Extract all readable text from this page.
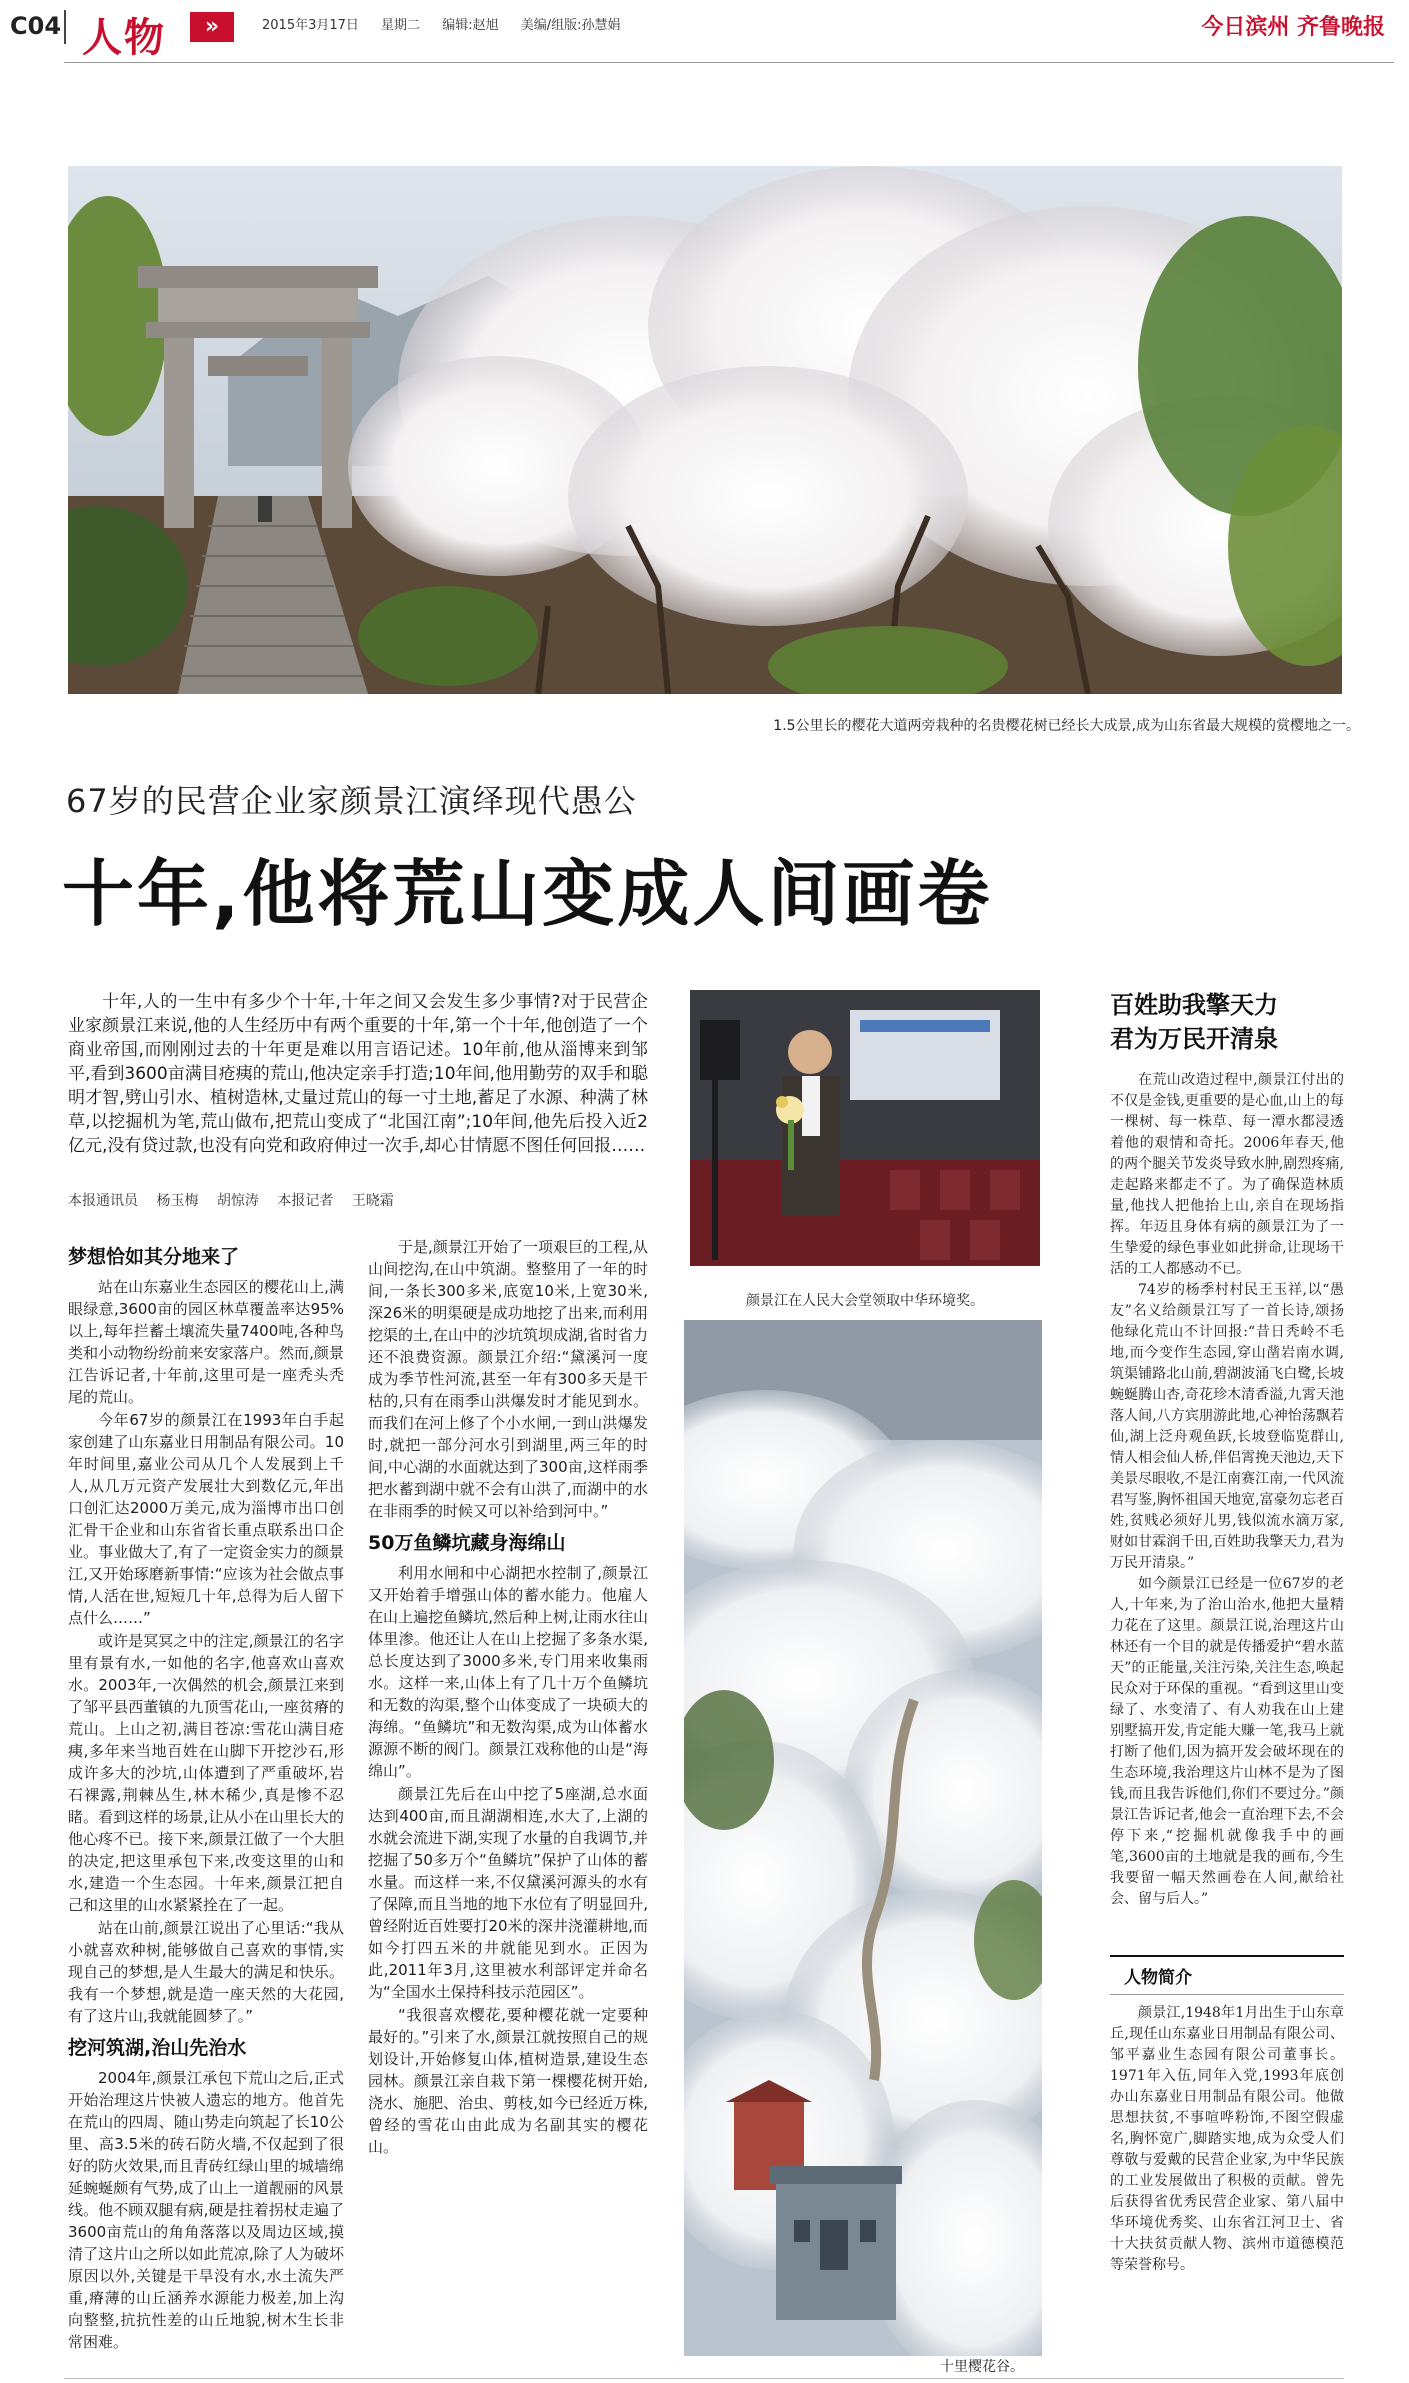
C04 人物	»	2015年3月17日 星期二 编辑:赵旭 美编/组版:孙慧娟	今日滨州 齐鲁晚报
1.5公里长的樱花大道两旁栽种的名贵樱花树已经长大成景,成为山东省最大规模的赏樱地之一。
67岁的民营企业家颜景江演绎现代愚公
十年,他将荒山变成人间画卷

十年,人的一生中有多少个十年,十年之间又会发生多少事情?对于民营企业家颜景江来说,他的人生经历中有两个重要的十年,第一个十年,他创造了一个商业帝国,而刚刚过去的十年更是难以用言语记述。10年前,他从淄博来到邹平,看到3600亩满目疮痍的荒山,他决定亲手打造;10年间,他用勤劳的双手和聪明才智,劈山引水、植树造林,丈量过荒山的每一寸土地,蓄足了水源、种满了林草,以挖掘机为笔,荒山做布,把荒山变成了“北国江南”;10年间,他先后投入近2亿元,没有贷过款,也没有向党和政府伸过一次手,却心甘情愿不图任何回报……

本报通讯员 杨玉梅 胡惊涛 本报记者 王晓霜
梦想恰如其分地来了

站在山东嘉业生态园区的樱花山上,满眼绿意,3600亩的园区林草覆盖率达95%以上,每年拦蓄土壤流失量7400吨,各种鸟类和小动物纷纷前来安家落户。然而,颜景江告诉记者,十年前,这里可是一座秃头秃尾的荒山。

今年67岁的颜景江在1993年白手起家创建了山东嘉业日用制品有限公司。10年时间里,嘉业公司从几个人发展到上千人,从几万元资产发展壮大到数亿元,年出口创汇达2000万美元,成为淄博市出口创汇骨干企业和山东省省长重点联系出口企业。事业做大了,有了一定资金实力的颜景江,又开始琢磨新事情:“应该为社会做点事情,人活在世,短短几十年,总得为后人留下点什么……”

或许是冥冥之中的注定,颜景江的名字里有景有水,一如他的名字,他喜欢山喜欢水。2003年,一次偶然的机会,颜景江来到了邹平县西董镇的九顶雪花山,一座贫瘠的荒山。上山之初,满目苍凉:雪花山满目疮痍,多年来当地百姓在山脚下开挖沙石,形成许多大的沙坑,山体遭到了严重破坏,岩石裸露,荆棘丛生,林木稀少,真是惨不忍睹。看到这样的场景,让从小在山里长大的他心疼不已。接下来,颜景江做了一个大胆的决定,把这里承包下来,改变这里的山和水,建造一个生态园。十年来,颜景江把自己和这里的山水紧紧拴在了一起。

站在山前,颜景江说出了心里话:“我从小就喜欢种树,能够做自己喜欢的事情,实现自己的梦想,是人生最大的满足和快乐。我有一个梦想,就是造一座天然的大花园,有了这片山,我就能圆梦了。”

挖河筑湖,治山先治水

2004年,颜景江承包下荒山之后,正式开始治理这片快被人遗忘的地方。他首先在荒山的四周、随山势走向筑起了长10公里、高3.5米的砖石防火墙,不仅起到了很好的防火效果,而且青砖红绿山里的城墙绵延蜿蜒颇有气势,成了山上一道靓丽的风景线。他不顾双腿有病,硬是拄着拐杖走遍了3600亩荒山的角角落落以及周边区域,摸清了这片山之所以如此荒凉,除了人为破坏原因以外,关键是干旱没有水,水土流失严重,瘠薄的山丘涵养水源能力极差,加上沟向整整,抗抗性差的山丘地貌,树木生长非常困难。

于是,颜景江开始了一项艰巨的工程,从山间挖沟,在山中筑湖。整整用了一年的时间,一条长300多米,底宽10米,上宽30米,深26米的明渠硬是成功地挖了出来,而利用挖渠的土,在山中的沙坑筑坝成湖,省时省力还不浪费资源。颜景江介绍:“黛溪河一度成为季节性河流,甚至一年有300多天是干枯的,只有在雨季山洪爆发时才能见到水。而我们在河上修了个小水闸,一到山洪爆发时,就把一部分河水引到湖里,两三年的时间,中心湖的水面就达到了300亩,这样雨季把水蓄到湖中就不会有山洪了,而湖中的水在非雨季的时候又可以补给到河中。”

50万鱼鳞坑藏身海绵山

利用水闸和中心湖把水控制了,颜景江又开始着手增强山体的蓄水能力。他雇人在山上遍挖鱼鳞坑,然后种上树,让雨水往山体里渗。他还让人在山上挖掘了多条水渠,总长度达到了3000多米,专门用来收集雨水。这样一来,山体上有了几十万个鱼鳞坑和无数的沟渠,整个山体变成了一块硕大的海绵。“鱼鳞坑”和无数沟渠,成为山体蓄水源源不断的阀门。颜景江戏称他的山是“海绵山”。

颜景江先后在山中挖了5座湖,总水面达到400亩,而且湖湖相连,水大了,上湖的水就会流进下湖,实现了水量的自我调节,并挖掘了50多万个“鱼鳞坑”保护了山体的蓄水量。而这样一来,不仅黛溪河源头的水有了保障,而且当地的地下水位有了明显回升,曾经附近百姓要打20米的深井浇灌耕地,而如今打四五米的井就能见到水。正因为此,2011年3月,这里被水利部评定并命名为“全国水土保持科技示范园区”。

“我很喜欢樱花,要种樱花就一定要种最好的。”引来了水,颜景江就按照自己的规划设计,开始修复山体,植树造景,建设生态园林。颜景江亲自栽下第一棵樱花树开始,浇水、施肥、治虫、剪枝,如今已经近万株,曾经的雪花山由此成为名副其实的樱花山。

颜景江在人民大会堂领取中华环境奖。
十里樱花谷。
百姓助我擎天力
君为万民开清泉

在荒山改造过程中,颜景江付出的不仅是金钱,更重要的是心血,山上的每一棵树、每一株草、每一潭水都浸透着他的艰情和奇托。2006年春天,他的两个腿关节发炎导致水肿,剧烈疼痛,走起路来都走不了。为了确保造林质量,他找人把他抬上山,亲自在现场指挥。年迈且身体有病的颜景江为了一生挚爱的绿色事业如此拼命,让现场干活的工人都感动不已。

74岁的杨季村村民王玉祥,以“愚友”名义给颜景江写了一首长诗,颂扬他绿化荒山不计回报:“昔日秃岭不毛地,而今变作生态园,穿山凿岩南水调,筑渠铺路北山前,碧湖波涌飞白鹭,长坡蜿蜒腾山杏,奇花珍木清香溢,九霄天池落人间,八方宾朋游此地,心神怡荡飘若仙,湖上泛舟观鱼跃,长坡登临览群山,情人相会仙人桥,伴侣霄挽天池边,天下美景尽眼收,不是江南赛江南,一代风流君写鉴,胸怀祖国天地宽,富豪勿忘老百姓,贫贱必须好儿男,钱似流水滴万家,财如甘霖润千田,百姓助我擎天力,君为万民开清泉。”

如今颜景江已经是一位67岁的老人,十年来,为了治山治水,他把大量精力花在了这里。颜景江说,治理这片山林还有一个目的就是传播爱护“碧水蓝天”的正能量,关注污染,关注生态,唤起民众对于环保的重视。“看到这里山变绿了、水变清了、有人劝我在山上建别墅搞开发,肯定能大赚一笔,我马上就打断了他们,因为搞开发会破坏现在的生态环境,我治理这片山林不是为了图钱,而且我告诉他们,你们不要过分。”颜景江告诉记者,他会一直治理下去,不会停下来,“挖掘机就像我手中的画笔,3600亩的土地就是我的画布,今生我要留一幅天然画卷在人间,献给社会、留与后人。”

人物简介

颜景江,1948年1月出生于山东章丘,现任山东嘉业日用制品有限公司、邹平嘉业生态园有限公司董事长。1971年入伍,同年入党,1993年底创办山东嘉业日用制品有限公司。他做思想扶贫,不事喧哗粉饰,不图空假虚名,胸怀宽广,脚踏实地,成为众受人们尊敬与爱戴的民营企业家,为中华民族的工业发展做出了积极的贡献。曾先后获得省优秀民营企业家、第八届中华环境优秀奖、山东省江河卫士、省十大扶贫贡献人物、滨州市道德模范等荣誉称号。
